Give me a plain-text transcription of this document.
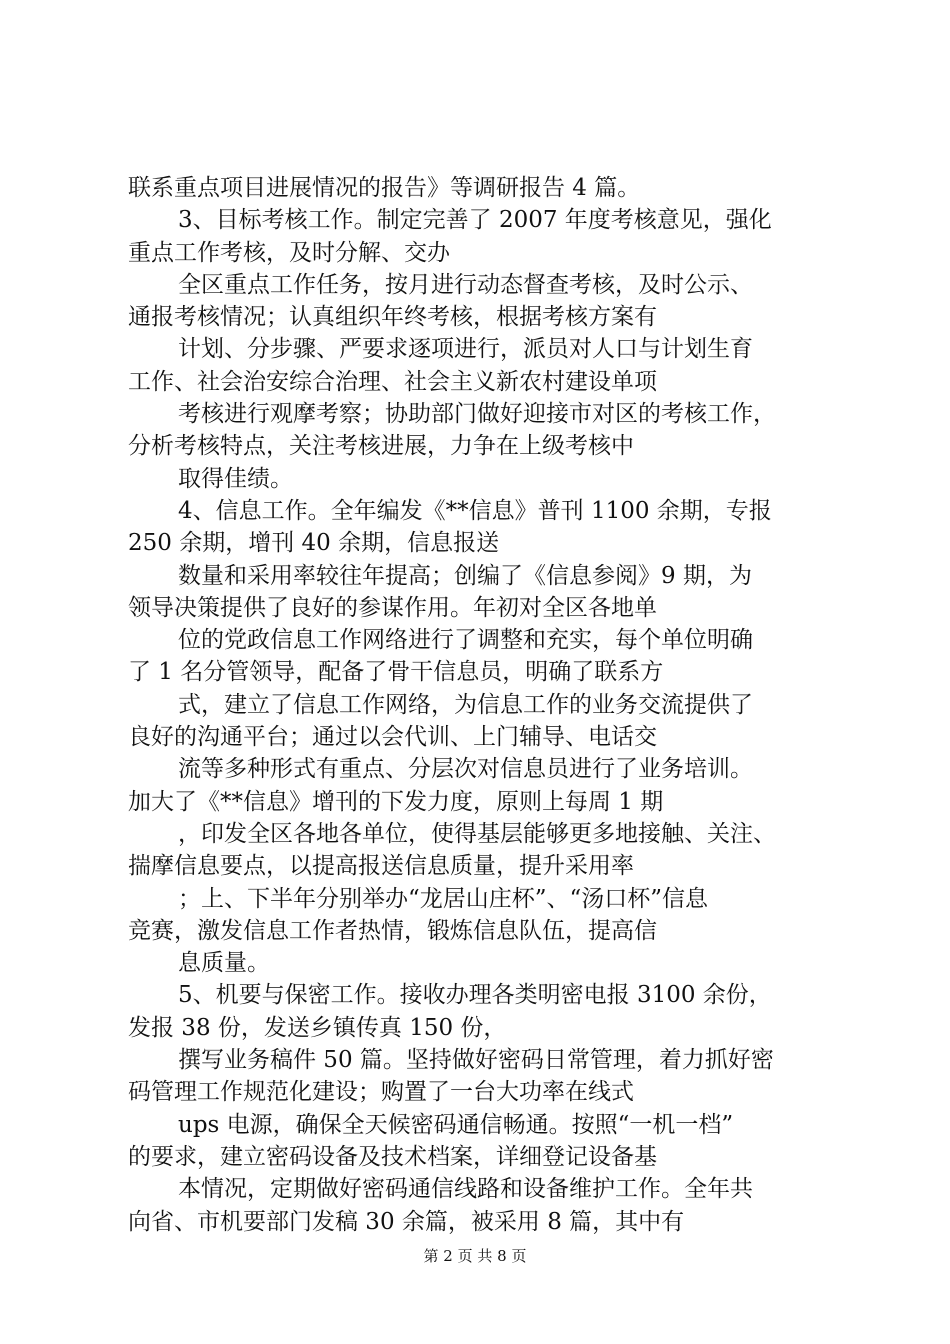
联系重点项目进展情况的报告》等调研报告 4 篇。
3、目标考核工作。制定完善了 2007 年度考核意见，强化
重点工作考核，及时分解、交办
全区重点工作任务，按月进行动态督查考核，及时公示、
通报考核情况；认真组织年终考核，根据考核方案有
计划、分步骤、严要求逐项进行，派员对人口与计划生育
工作、社会治安综合治理、社会主义新农村建设单项
考核进行观摩考察；协助部门做好迎接市对区的考核工作，
分析考核特点，关注考核进展，力争在上级考核中
取得佳绩。
4、信息工作。全年编发《**信息》普刊 1100 余期，专报
250 余期，增刊 40 余期，信息报送
数量和采用率较往年提高；创编了《信息参阅》9 期，为
领导决策提供了良好的参谋作用。年初对全区各地单
位的党政信息工作网络进行了调整和充实，每个单位明确
了 1 名分管领导，配备了骨干信息员，明确了联系方
式，建立了信息工作网络，为信息工作的业务交流提供了
良好的沟通平台；通过以会代训、上门辅导、电话交
流等多种形式有重点、分层次对信息员进行了业务培训。
加大了《**信息》增刊的下发力度，原则上每周 1 期
，印发全区各地各单位，使得基层能够更多地接触、关注、
揣摩信息要点，以提高报送信息质量，提升采用率
；上、下半年分别举办“龙居山庄杯”、“汤口杯”信息
竞赛，激发信息工作者热情，锻炼信息队伍，提高信
息质量。
5、机要与保密工作。接收办理各类明密电报 3100 余份，
发报 38 份，发送乡镇传真 150 份，
撰写业务稿件 50 篇。坚持做好密码日常管理，着力抓好密
码管理工作规范化建设；购置了一台大功率在线式
ups 电源，确保全天候密码通信畅通。按照“一机一档”
的要求，建立密码设备及技术档案，详细登记设备基
本情况，定期做好密码通信线路和设备维护工作。全年共
向省、市机要部门发稿 30 余篇，被采用 8 篇，其中有
第 2 页 共 8 页
